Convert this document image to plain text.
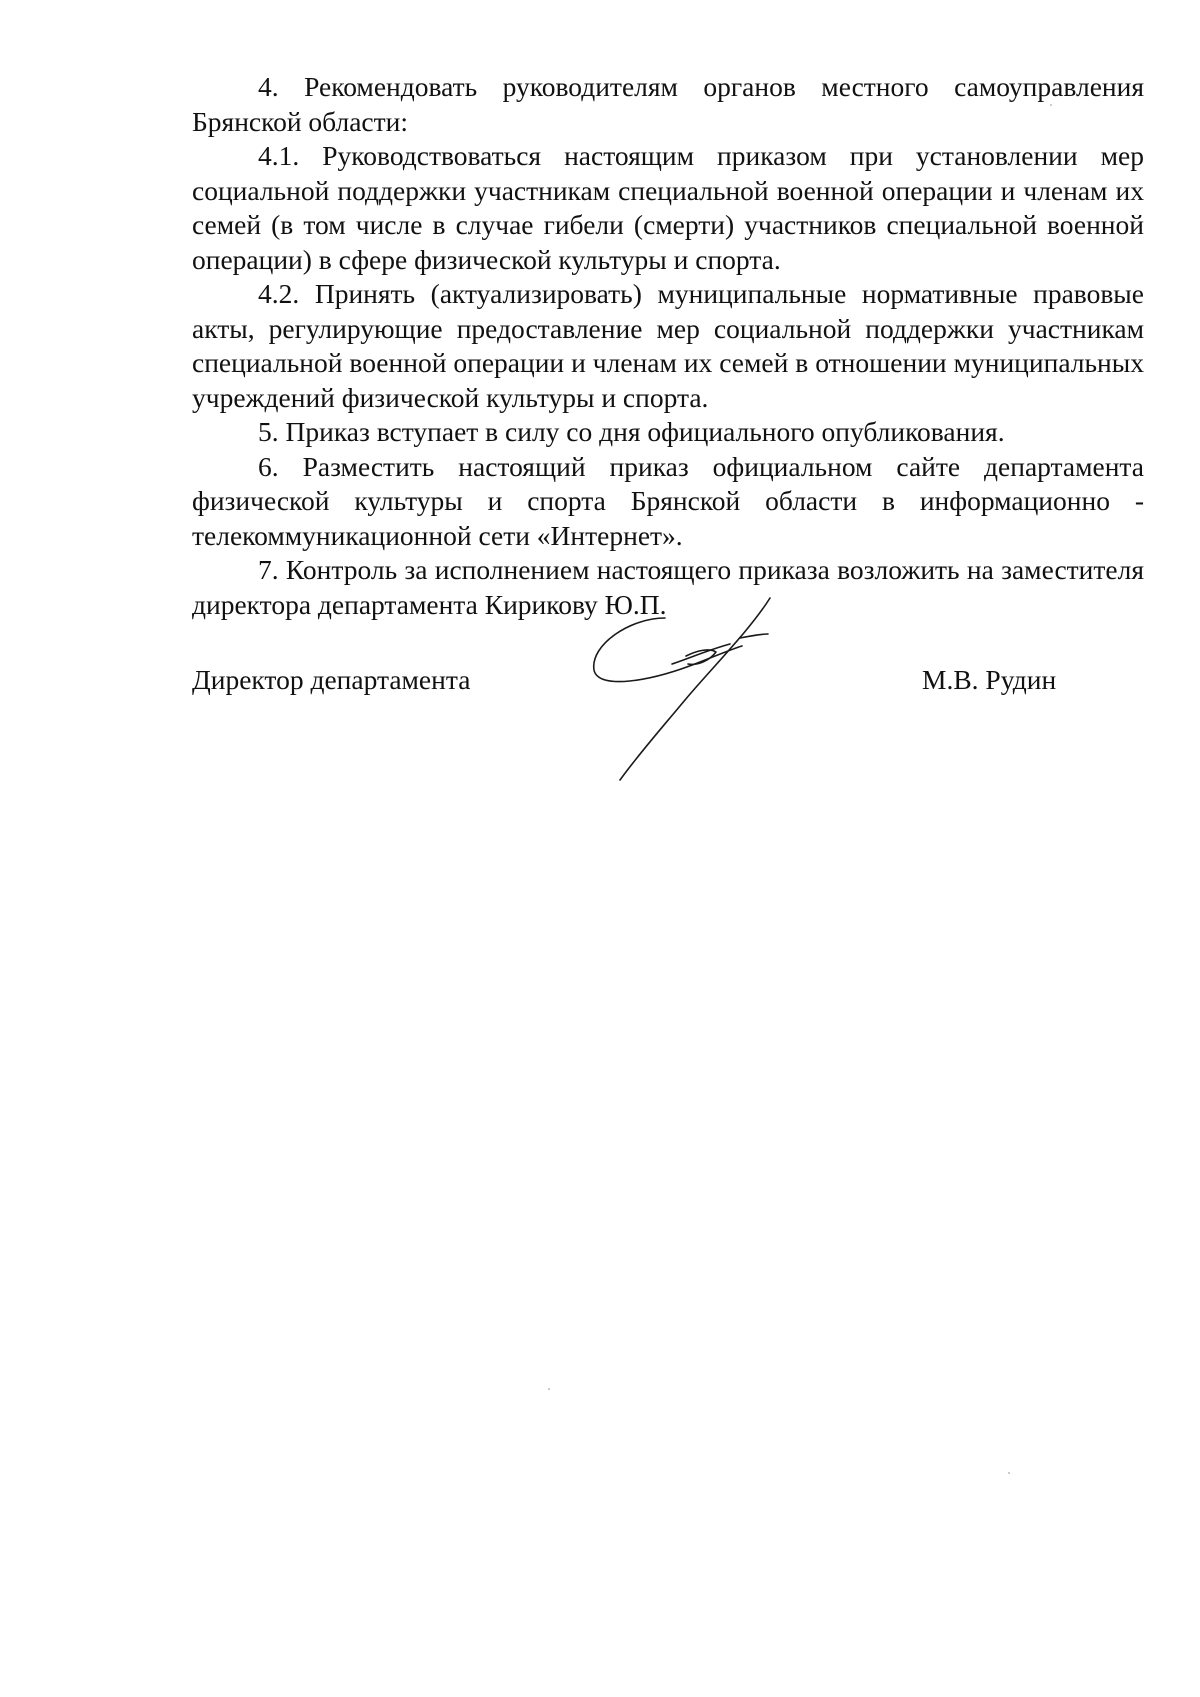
4. Рекомендовать руководителям органов местного самоуправления Брянской области:

4.1. Руководствоваться настоящим приказом при установлении мер социальной поддержки участникам специальной военной операции и членам их семей (в том числе в случае гибели (смерти) участников специальной военной операции) в сфере физической культуры и спорта.

4.2. Принять (актуализировать) муниципальные нормативные правовые акты, регулирующие предоставление мер социальной поддержки участникам специальной военной операции и членам их семей в отношении муниципальных учреждений физической культуры и спорта.

5. Приказ вступает в силу со дня официального опубликования.

6. Разместить настоящий приказ официальном сайте департамента физической культуры и спорта Брянской области в информационно - телекоммуникационной сети «Интернет».

7. Контроль за исполнением настоящего приказа возложить на заместителя директора департамента Кирикову Ю.П.

Директор департамента	М.В. Рудин
